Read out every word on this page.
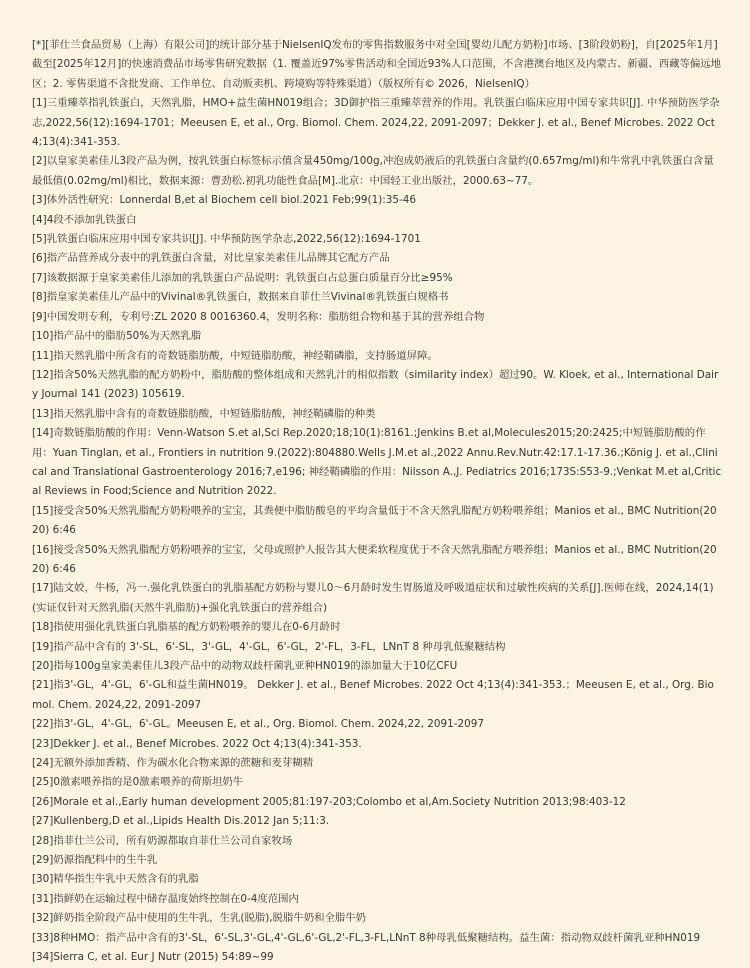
[*][菲仕兰食品贸易（上海）有限公司]的统计部分基于NielsenIQ发布的零售指数服务中对全国[婴幼儿配方奶粉]市场、[3阶段奶粉]，自[2025年1月]截至[2025年12月]的快速消费品市场零售研究数据（1. 覆盖近97%零售活动和全国近93%人口范围，不含港澳台地区及内蒙古、新疆、西藏等偏远地区；2. 零售渠道不含批发商、工作单位、自动贩卖机、跨境购等特殊渠道）（版权所有© 2026，NielsenIQ）
[1]三重臻萃指乳铁蛋白，天然乳脂，HMO+益生菌HN019组合；3D御护指三重臻萃营养的作用。乳铁蛋白临床应用中国专家共识[J]. 中华预防医学杂志,2022,56(12):1694-1701；Meeusen E, et al., Org. Biomol. Chem. 2024,22, 2091-2097；Dekker J. et al., Benef Microbes. 2022 Oct 4;13(4):341-353.
[2]以皇家美素佳儿3段产品为例，按乳铁蛋白标签标示值含量450mg/100g,冲泡成奶液后的乳铁蛋白含量约(0.657mg/ml)和牛常乳中乳铁蛋白含量最低值(0.02mg/ml)相比，数据来源：曹劲松.初乳功能性食品[M].北京：中国轻工业出版社，2000.63~77。
[3]体外活性研究：Lonnerdal B,et al Biochem cell biol.2021 Feb;99(1):35-46
[4]4段不添加乳铁蛋白
[5]乳铁蛋白临床应用中国专家共识[J]. 中华预防医学杂志,2022,56(12):1694-1701
[6]指产品营养成分表中的乳铁蛋白含量，对比皇家美素佳儿品牌其它配方产品
[7]该数据源于皇家美素佳儿添加的乳铁蛋白产品说明：乳铁蛋白占总蛋白质量百分比≥95%
[8]指皇家美素佳儿产品中的Vivinal®乳铁蛋白，数据来自菲仕兰Vivinal®乳铁蛋白规格书
[9]中国发明专利，专利号:ZL 2020 8 0016360.4，发明名称：脂肪组合物和基于其的营养组合物
[10]指产品中的脂肪50%为天然乳脂
[11]指天然乳脂中所含有的奇数链脂肪酸，中短链脂肪酸，神经鞘磷脂，支持肠道屏障。
[12]指含50%天然乳脂的配方奶粉中，脂肪酸的整体组成和天然乳汁的相似指数（similarity index）超过90。W. Kloek, et al., International Dairy Journal 141 (2023) 105619.
[13]指天然乳脂中含有的奇数链脂肪酸，中短链脂肪酸，神经鞘磷脂的种类
[14]奇数链脂肪酸的作用：Venn-Watson S.et al,Sci Rep.2020;18;10(1):8161.;Jenkins B.et al,Molecules2015;20:2425;中短链脂肪酸的作用：Yuan Tinglan, et al., Frontiers in nutrition 9.(2022):804880.Wells J.M.et al.,2022 Annu.Rev.Nutr.42:17.1-17.36.;König J. et al.,Clinical and Translational Gastroenterology 2016;7,e196; 神经鞘磷脂的作用：Nilsson A.,J. Pediatrics 2016;173S:S53-9.;Venkat M.et al,Critical Reviews in Food;Science and Nutrition 2022.
[15]接受含50%天然乳脂配方奶粉喂养的宝宝，其粪便中脂肪酸皂的平均含量低于不含天然乳脂配方奶粉喂养组；Manios et al., BMC Nutrition(2020) 6:46
[16]接受含50%天然乳脂配方奶粉喂养的宝宝，父母或照护人报告其大便柔软程度优于不含天然乳脂配方喂养组；Manios et al., BMC Nutrition(2020) 6:46
[17]陆文姣，牛杨，冯一.强化乳铁蛋白的乳脂基配方奶粉与婴儿0～6月龄时发生胃肠道及呼吸道症状和过敏性疾病的关系[J].医师在线，2024,14(1)(实证仅针对天然乳脂(天然牛乳脂肪)+强化乳铁蛋白的营养组合)
[18]指使用强化乳铁蛋白乳脂基的配方奶粉喂养的婴儿在0-6月龄时
[19]指产品中含有的 3'-SL，6'-SL，3'-GL，4'-GL，6'-GL，2'-FL，3-FL，LNnT 8 种母乳低聚糖结构
[20]指每100g皇家美素佳儿3段产品中的动物双歧杆菌乳亚种HN019的添加量大于10亿CFU
[21]指3'-GL，4'-GL，6'-GL和益生菌HN019。 Dekker J. et al., Benef Microbes. 2022 Oct 4;13(4):341-353.；Meeusen E, et al., Org. Biomol. Chem. 2024,22, 2091-2097
[22]指3'-GL，4'-GL，6'-GL。Meeusen E, et al., Org. Biomol. Chem. 2024,22, 2091-2097
[23]Dekker J. et al., Benef Microbes. 2022 Oct 4;13(4):341-353.
[24]无额外添加香精、作为碳水化合物来源的蔗糖和麦芽糊精
[25]0激素喂养指的是0激素喂养的荷斯坦奶牛
[26]Morale et al.,Early human development 2005;81:197-203;Colombo et al,Am.Society Nutrition 2013;98:403-12
[27]Kullenberg,D et al.,Lipids Health Dis.2012 Jan 5;11:3.
[28]指菲仕兰公司，所有奶源都取自菲仕兰公司自家牧场
[29]奶源指配料中的生牛乳
[30]精华指生牛乳中天然含有的乳脂
[31]指鲜奶在运输过程中储存温度始终控制在0-4度范围内
[32]鲜奶指全阶段产品中使用的生牛乳，生乳(脱脂),脱脂牛奶和全脂牛奶
[33]8种HMO：指产品中含有的3'-SL，6'-SL,3'-GL,4'-GL,6'-GL,2'-FL,3-FL,LNnT 8种母乳低聚糖结构。益生菌：指动物双歧杆菌乳亚种HN019
[34]Sierra C, et al. Eur J Nutr (2015) 54:89~99
